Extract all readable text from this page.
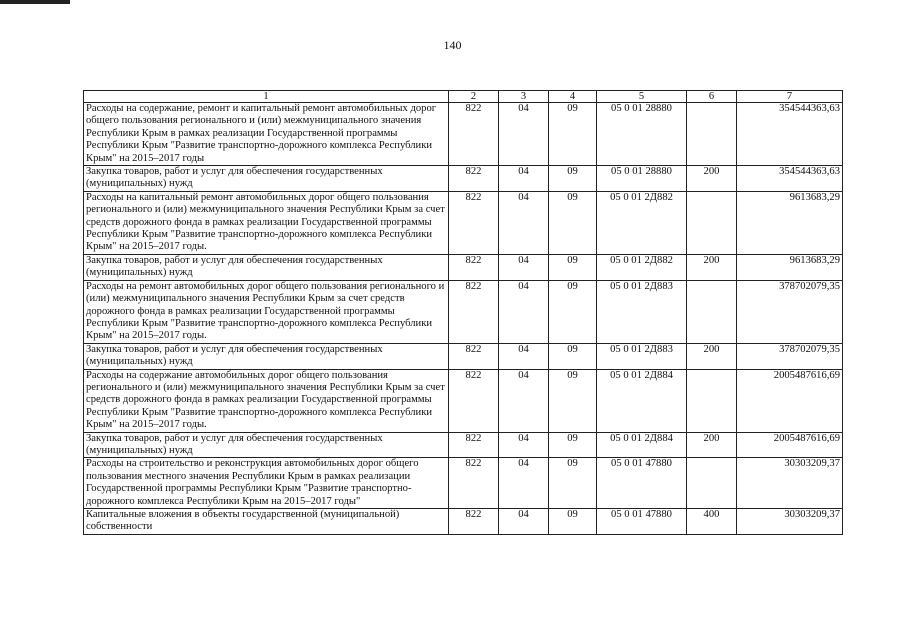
140
1	2	3	4	5	6	7
Расходы на содержание, ремонт и капитальный ремонт автомобильных дорог общего пользования регионального и (или) межмуниципального значения Республики Крым в рамках реализации Государственной программы Республики Крым "Развитие транспортно-дорожного комплекса Республики Крым" на 2015–2017 годы	822	04	09	05 0 01 28880		354544363,63
Закупка товаров, работ и услуг для обеспечения государственных (муниципальных) нужд	822	04	09	05 0 01 28880	200	354544363,63
Расходы на капитальный ремонт автомобильных дорог общего пользования регионального и (или) межмуниципального значения Республики Крым за счет средств дорожного фонда в рамках реализации Государственной программы Республики Крым "Развитие транспортно-дорожного комплекса Республики Крым" на 2015–2017 годы.	822	04	09	05 0 01 2Д882		9613683,29
Закупка товаров, работ и услуг для обеспечения государственных (муниципальных) нужд	822	04	09	05 0 01 2Д882	200	9613683,29
Расходы на ремонт автомобильных дорог общего пользования регионального и (или) межмуниципального значения Республики Крым за счет средств дорожного фонда в рамках реализации Государственной программы Республики Крым "Развитие транспортно-дорожного комплекса Республики Крым" на 2015–2017 годы.	822	04	09	05 0 01 2Д883		378702079,35
Закупка товаров, работ и услуг для обеспечения государственных (муниципальных) нужд	822	04	09	05 0 01 2Д883	200	378702079,35
Расходы на содержание автомобильных дорог общего пользования регионального и (или) межмуниципального значения Республики Крым за счет средств дорожного фонда в рамках реализации Государственной программы Республики Крым "Развитие транспортно-дорожного комплекса Республики Крым" на 2015–2017 годы.	822	04	09	05 0 01 2Д884		2005487616,69
Закупка товаров, работ и услуг для обеспечения государственных (муниципальных) нужд	822	04	09	05 0 01 2Д884	200	2005487616,69
Расходы на строительство и реконструкция автомобильных дорог общего пользования местного значения Республики Крым в рамках реализации Государственной программы Республики Крым "Развитие транспортно-дорожного комплекса Республики Крым на 2015–2017 годы"	822	04	09	05 0 01 47880		30303209,37
Капитальные вложения в объекты государственной (муниципальной) собственности	822	04	09	05 0 01 47880	400	30303209,37
